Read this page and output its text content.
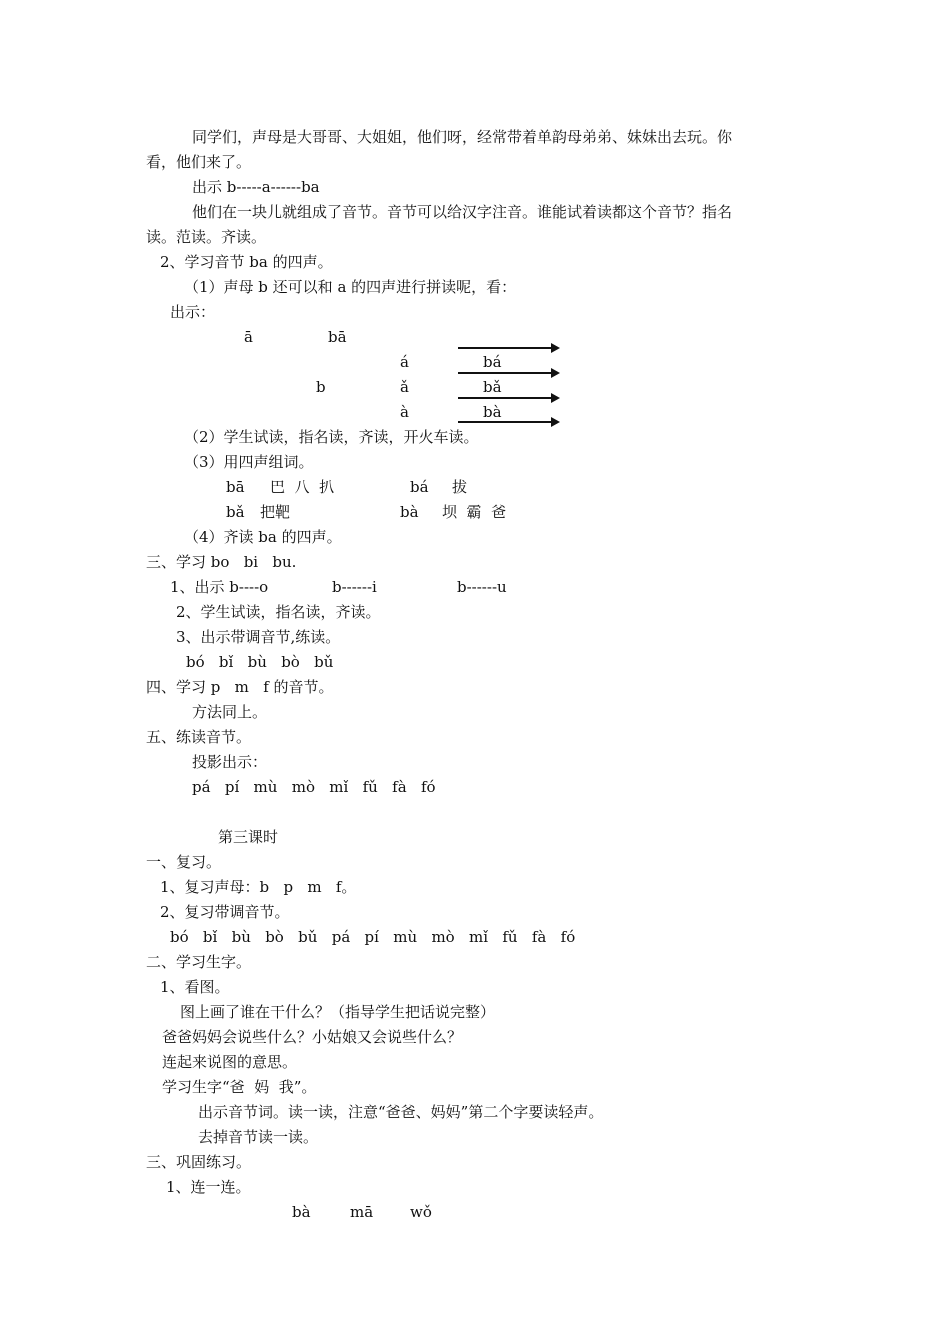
同学们，声母是大哥哥、大姐姐，他们呀，经常带着单韵母弟弟、妹妹出去玩。你
看，他们来了。
出示 b-----a------ba
他们在一块儿就组成了音节。音节可以给汉字注音。谁能试着读都这个音节？指名
读。范读。齐读。
2、学习音节 ba 的四声。
（1）声母 b 还可以和 a 的四声进行拼读呢，看：
出示：
ā	bā
á	bá
b	ǎ	bǎ
à	bà
（2）学生试读，指名读，齐读，开火车读。
（3）用四声组词。
bā 巴  八  扒	bá 拔
bǎ 把靶	bà 坝  霸  爸
（4）齐读 ba 的四声。
三、学习 bo   bi   bu.
1、出示 b----o	b------i	b------u
2、学生试读，指名读，齐读。
3、出示带调音节,练读。
bó   bǐ   bù   bò   bǔ
四、学习 p   m   f 的音节。
方法同上。
五、练读音节。
投影出示：
pá   pí   mù   mò   mǐ   fǔ   fà   fó
第三课时
一、复习。
1、复习声母：b   p   m   f。
2、复习带调音节。
bó   bǐ   bù   bò   bǔ   pá   pí   mù   mò   mǐ   fǔ   fà   fó
二、学习生字。
1、看图。
图上画了谁在干什么？（指导学生把话说完整）
爸爸妈妈会说些什么？小姑娘又会说些什么？
连起来说图的意思。
学习生字“爸  妈  我”。
出示音节词。读一读，注意“爸爸、妈妈”第二个字要读轻声。
去掉音节读一读。
三、巩固练习。
1、连一连。
bà	mā wǒ
